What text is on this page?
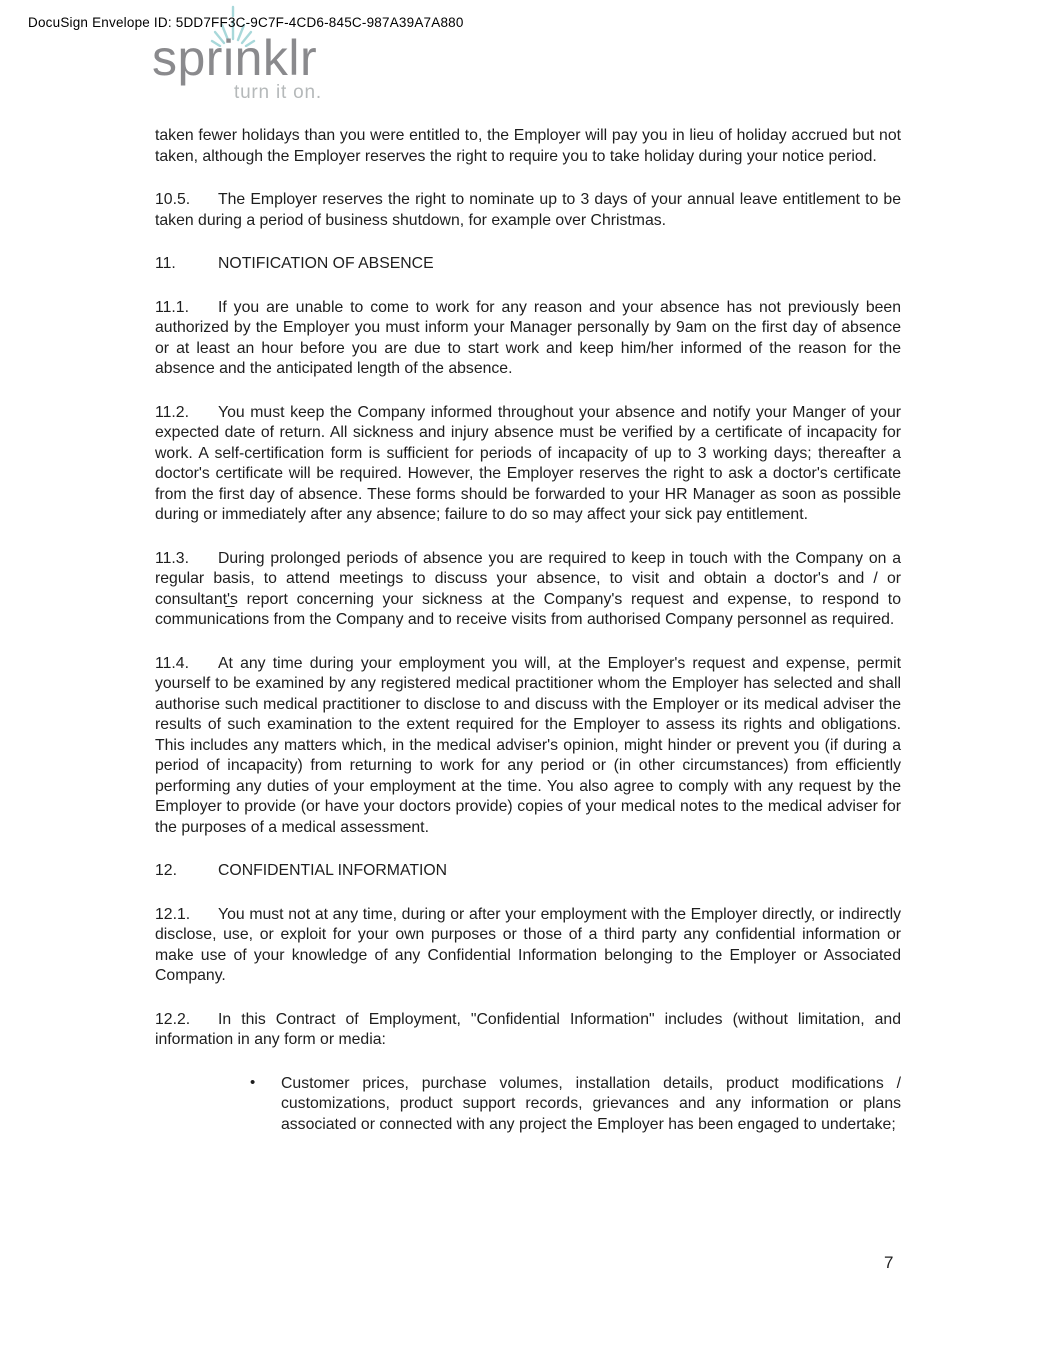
DocuSign Envelope ID: 5DD7FF3C-9C7F-4CD6-845C-987A39A7A880
sprinklr
turn it on.

taken fewer holidays than you were entitled to, the Employer will pay you in lieu of holiday accrued but not taken, although the Employer reserves the right to require you to take holiday during your notice period.

10.5. The Employer reserves the right to nominate up to 3 days of your annual leave entitlement to be taken during a period of business shutdown, for example over Christmas.

11.	NOTIFICATION OF ABSENCE

11.1. If you are unable to come to work for any reason and your absence has not previously been authorized by the Employer you must inform your Manager personally by 9am on the first day of absence or at least an hour before you are due to start work and keep him/her informed of the reason for the absence and the anticipated length of the absence.

11.2. You must keep the Company informed throughout your absence and notify your Manger of your expected date of return. All sickness and injury absence must be verified by a certificate of incapacity for work. A self-certification form is sufficient for periods of incapacity of up to 3 working days; thereafter a doctor's certificate will be required. However, the Employer reserves the right to ask a doctor's certificate from the first day of absence. These forms should be forwarded to your HR Manager as soon as possible during or immediately after any absence; failure to do so may affect your sick pay entitlement.

11.3. During prolonged periods of absence you are required to keep in touch with the Company on a regular basis, to attend meetings to discuss your absence, to visit and obtain a doctor's and / or consultant'̲s report concerning your sickness at the Company's request and expense, to respond to communications from the Company and to receive visits from authorised Company personnel as required.

11.4. At any time during your employment you will, at the Employer's request and expense, permit yourself to be examined by any registered medical practitioner whom the Employer has selected and shall authorise such medical practitioner to disclose to and discuss with the Employer or its medical adviser the results of such examination to the extent required for the Employer to assess its rights and obligations. This includes any matters which, in the medical adviser's opinion, might hinder or prevent you (if during a period of incapacity) from returning to work for any period or (in other circumstances) from efficiently performing any duties of your employment at the time. You also agree to comply with any request by the Employer to provide (or have your doctors provide) copies of your medical notes to the medical adviser for the purposes of a medical assessment.

12.	CONFIDENTIAL INFORMATION

12.1. You must not at any time, during or after your employment with the Employer directly, or indirectly disclose, use, or exploit for your own purposes or those of a third party any confidential information or make use of your knowledge of any Confidential Information belonging to the Employer or Associated Company.

12.2. In this Contract of Employment, "Confidential Information" includes (without limitation, and information in any form or media:

• Customer prices, purchase volumes, installation details, product modifications / customizations, product support records, grievances and any information or plans associated or connected with any project the Employer has been engaged to undertake;
7
